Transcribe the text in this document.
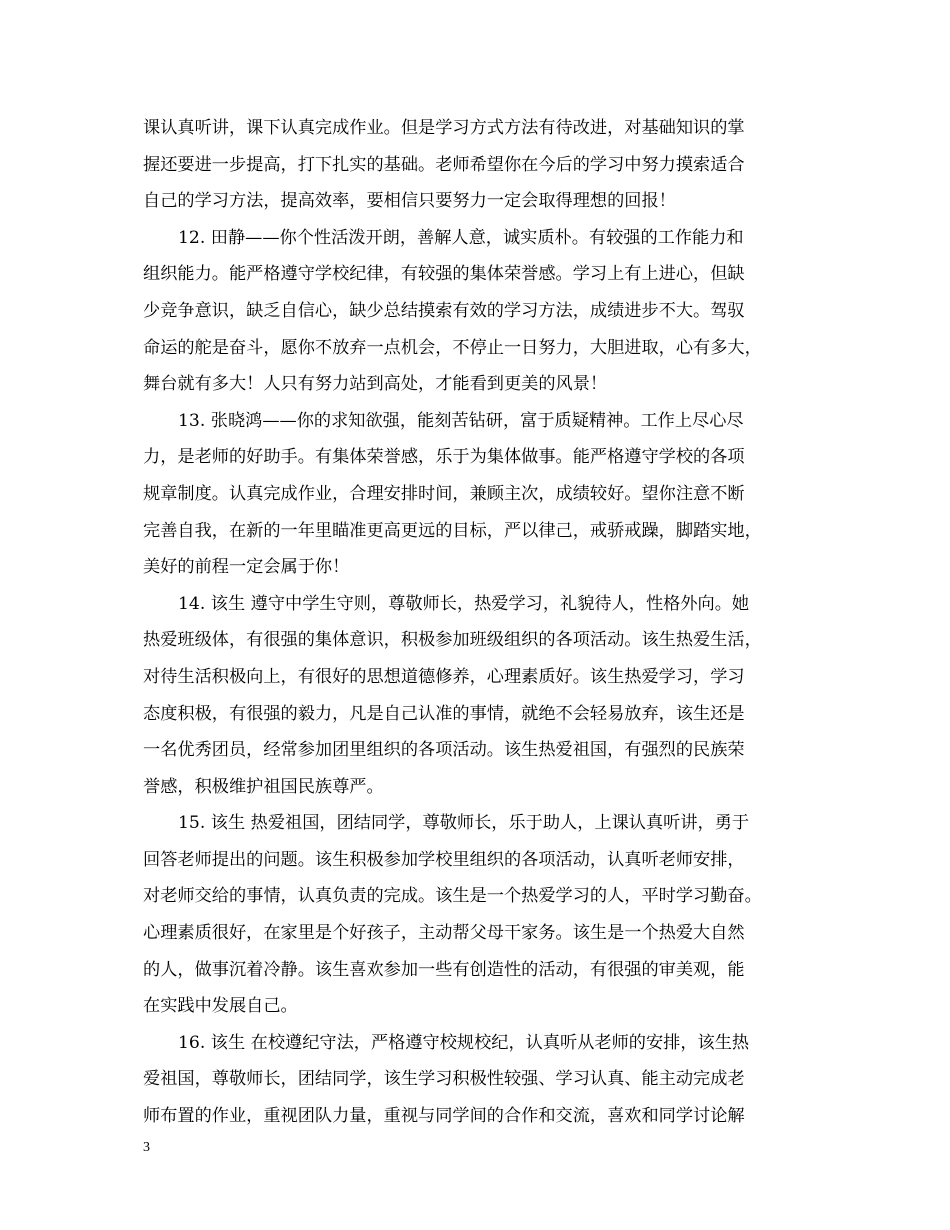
课认真听讲，课下认真完成作业。但是学习方式方法有待改进，对基础知识的掌
握还要进一步提高，打下扎实的基础。老师希望你在今后的学习中努力摸索适合
自己的学习方法，提高效率，要相信只要努力一定会取得理想的回报！
12. 田静——你个性活泼开朗，善解人意，诚实质朴。有较强的工作能力和
组织能力。能严格遵守学校纪律，有较强的集体荣誉感。学习上有上进心，但缺
少竞争意识，缺乏自信心，缺少总结摸索有效的学习方法，成绩进步不大。驾驭
命运的舵是奋斗，愿你不放弃一点机会，不停止一日努力，大胆进取，心有多大，
舞台就有多大！人只有努力站到高处，才能看到更美的风景！
13. 张晓鸿——你的求知欲强，能刻苦钻研，富于质疑精神。工作上尽心尽
力，是老师的好助手。有集体荣誉感，乐于为集体做事。能严格遵守学校的各项
规章制度。认真完成作业，合理安排时间，兼顾主次，成绩较好。望你注意不断
完善自我，在新的一年里瞄准更高更远的目标，严以律己，戒骄戒躁，脚踏实地，
美好的前程一定会属于你！
14. 该生 遵守中学生守则，尊敬师长，热爱学习，礼貌待人，性格外向。她
热爱班级体，有很强的集体意识，积极参加班级组织的各项活动。该生热爱生活，
对待生活积极向上，有很好的思想道德修养，心理素质好。该生热爱学习，学习
态度积极，有很强的毅力，凡是自己认准的事情，就绝不会轻易放弃，该生还是
一名优秀团员，经常参加团里组织的各项活动。该生热爱祖国，有强烈的民族荣
誉感，积极维护祖国民族尊严。
15. 该生 热爱祖国，团结同学，尊敬师长，乐于助人，上课认真听讲，勇于
回答老师提出的问题。该生积极参加学校里组织的各项活动，认真听老师安排，
对老师交给的事情，认真负责的完成。该生是一个热爱学习的人，平时学习勤奋。
心理素质很好，在家里是个好孩子，主动帮父母干家务。该生是一个热爱大自然
的人，做事沉着冷静。该生喜欢参加一些有创造性的活动，有很强的审美观，能
在实践中发展自己。
16. 该生 在校遵纪守法，严格遵守校规校纪，认真听从老师的安排，该生热
爱祖国，尊敬师长，团结同学，该生学习积极性较强、学习认真、能主动完成老
师布置的作业，重视团队力量，重视与同学间的合作和交流，喜欢和同学讨论解
3
